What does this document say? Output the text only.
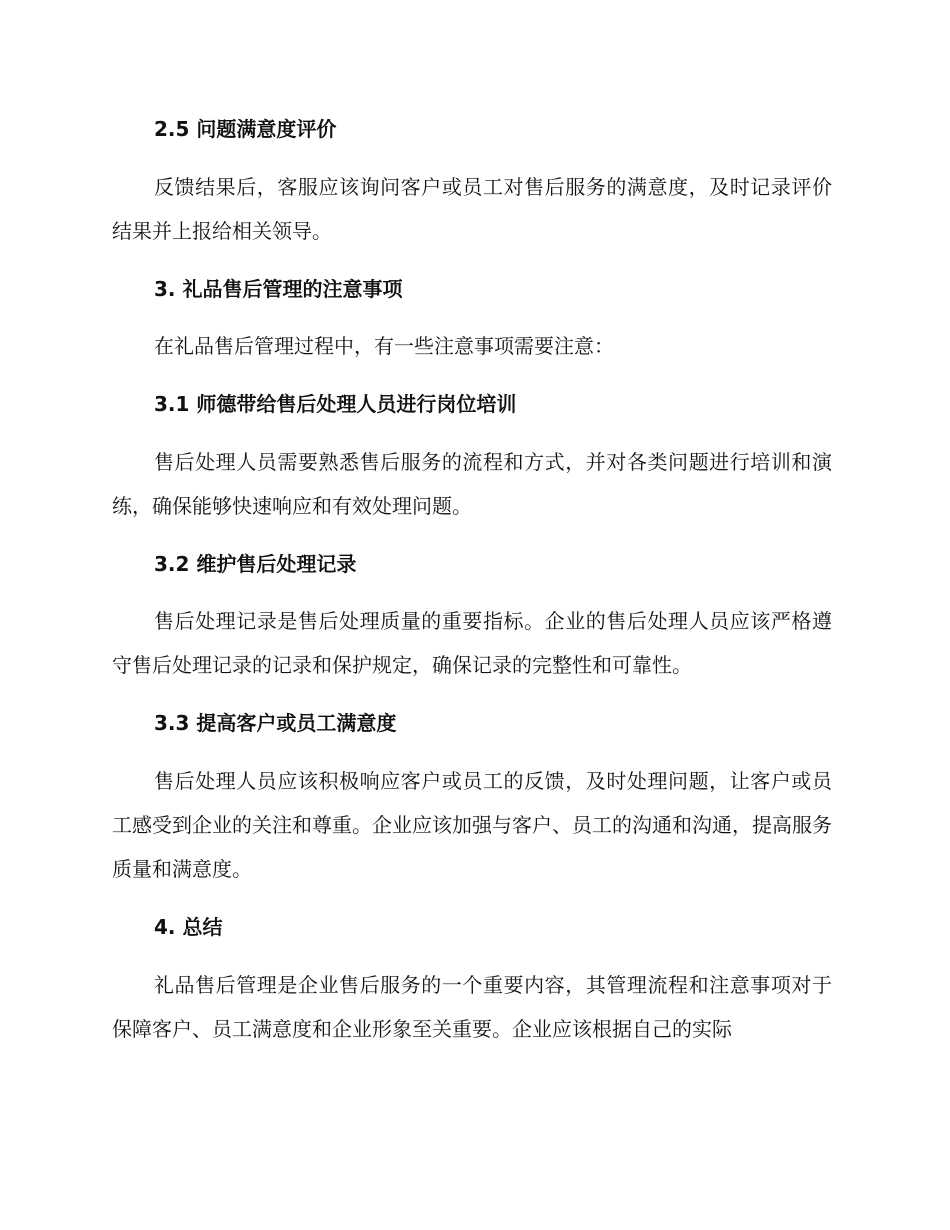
2.5 问题满意度评价

反馈结果后，客服应该询问客户或员工对售后服务的满意度，及时记录评价结果并上报给相关领导。

3. 礼品售后管理的注意事项

在礼品售后管理过程中，有一些注意事项需要注意：

3.1 师德带给售后处理人员进行岗位培训

售后处理人员需要熟悉售后服务的流程和方式，并对各类问题进行培训和演练，确保能够快速响应和有效处理问题。

3.2 维护售后处理记录

售后处理记录是售后处理质量的重要指标。企业的售后处理人员应该严格遵守售后处理记录的记录和保护规定，确保记录的完整性和可靠性。

3.3 提高客户或员工满意度

售后处理人员应该积极响应客户或员工的反馈，及时处理问题，让客户或员工感受到企业的关注和尊重。企业应该加强与客户、员工的沟通和沟通，提高服务质量和满意度。

4. 总结

礼品售后管理是企业售后服务的一个重要内容，其管理流程和注意事项对于保障客户、员工满意度和企业形象至关重要。企业应该根据自己的实际
